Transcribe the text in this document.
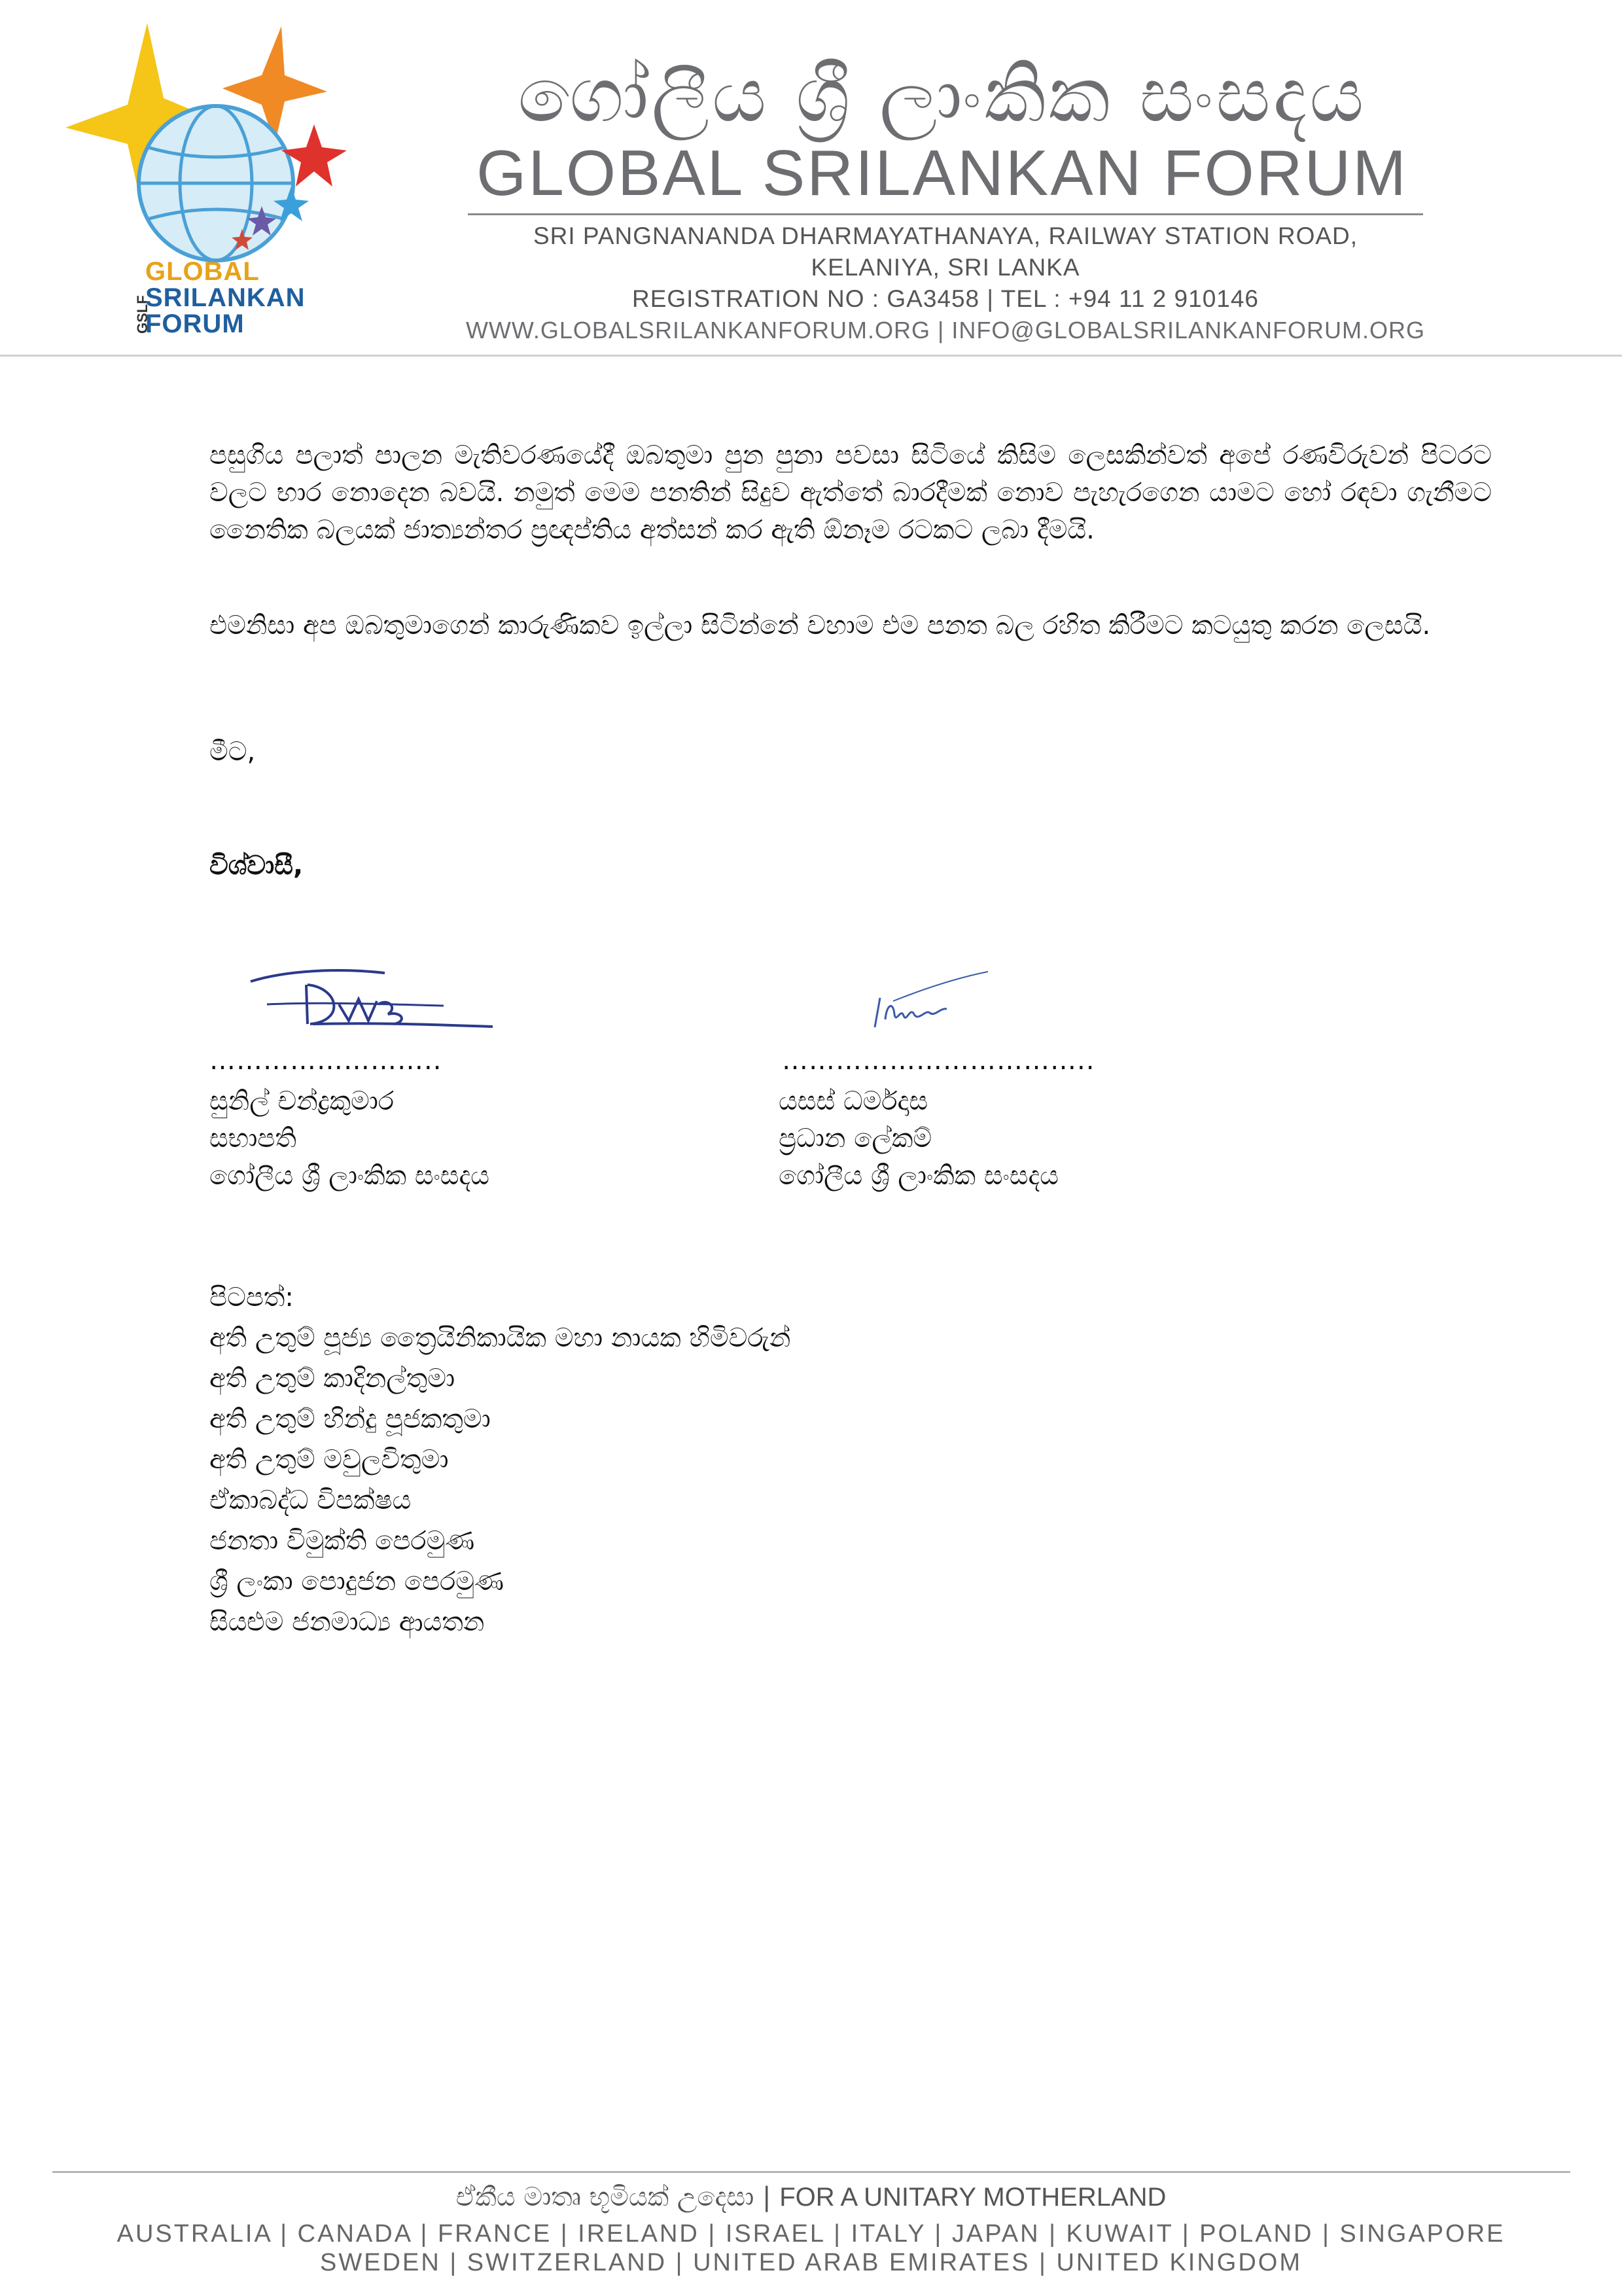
GSLF
GLOBAL
SRILANKAN
FORUM
ගෝලීය ශ්‍රී ලාංකික සංසදය
GLOBAL SRILANKAN FORUM
SRI PANGNANANDA DHARMAYATHANAYA, RAILWAY STATION ROAD,
KELANIYA, SRI LANKA
REGISTRATION NO : GA3458 | TEL : +94 11 2 910146
WWW.GLOBALSRILANKANFORUM.ORG | INFO@GLOBALSRILANKANFORUM.ORG
පසුගිය පලාත් පාලන මැතිවරණයේදී ඔබතුමා පුන පුනා පවසා සිටියේ කිසිම ලෙසකින්වත් අපේ රණවිරුවන් පිටරට වලට භාර නොදෙන බවයි. නමුත් මෙම පනතින් සිදුව ඇත්තේ බාරදීමක් නොව පැහැරගෙන යාමට හෝ රඳවා ගැනීමට නෛතික බලයක් ජාත්‍යන්තර ප්‍රඥප්තිය අත්සන් කර ඇති ඕනෑම රටකට ලබා දීමයි.
එමනිසා අප ඔබතුමාගෙන් කාරුණිකව ඉල්ලා සිටින්නේ වහාම එම පනත බල රහිත කිරීමට කටයුතු කරන ලෙසයි.
මීට,
විශ්වාසී,
……………………..	……………………………..
සුනිල් චන්ද්‍රකුමාර
සභාපති
ගෝලීය ශ්‍රී ලාංකික සංසදය
යසස් ධර්මදාස
ප්‍රධාන ලේකම්
ගෝලීය ශ්‍රී ලාංකික සංසදය
පිටපත්:
අති උතුම් පූජ්‍ය ත්‍රෛයිනිකායික මහා නායක හිමිවරුන්
අති උතුම් කාදිනල්තුමා
අති උතුම් හින්දු පූජකතුමා
අති උතුම් මවුලවිතුමා
ඒකාබද්ධ විපක්ෂය
ජනතා විමුක්ති පෙරමුණ
ශ්‍රී ලංකා පොදුජන පෙරමුණ
සියළුම ජනමාධ්‍ය ආයතන
ඒකීය මාතෘ භූමියක් උදෙසා | FOR A UNITARY MOTHERLAND
AUSTRALIA | CANADA | FRANCE | IRELAND | ISRAEL | ITALY | JAPAN | KUWAIT | POLAND | SINGAPORE
SWEDEN | SWITZERLAND | UNITED ARAB EMIRATES | UNITED KINGDOM
